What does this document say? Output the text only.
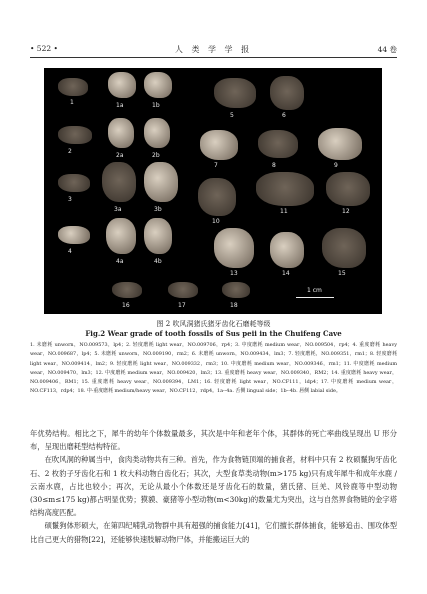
• 522 •	人 类 学 学 报	44 卷
1 cm
1	1a	1b
2
2a	2b
3
3a	3b
4
4a	4b
5	6
7	8	9
10
11	12
13	14	15
16	17	18
图 2 吹风洞猪氏猪牙齿化石磨耗等级
Fig.2 Wear grade of tooth fossils of Sus peii in the Chuifeng Cave
1. 未磨耗 unworn，NO.009573，lp4；2. 轻度磨耗 light wear，NO.009706，rp4；3. 中度磨耗 medium wear，NO.009504，rp4；4. 重度磨耗 heavy wear，NO.009687，lp4；5. 未磨耗 unworn，NO.009190，rm2；6. 未磨耗 unworn，NO.009434，lm3；7. 轻度磨耗，NO.009351，rm1；8. 轻度磨耗 light wear，NO.009414，lm2；9. 轻度磨耗 light wear，NO.009332，rm3；10. 中度磨耗 medium wear，NO.009346，rm1；11. 中度磨耗 medium wear，NO.009470，lm3；12. 中度磨耗 medium wear，NO.009420，lm3；13. 重度磨耗 heavy wear，NO.009340，RM2；14. 重度磨耗 heavy wear，NO.009406，RM1；15. 重度磨耗 heavy wear，NO.009394，LM1；16. 轻度磨耗 light wear，NO.CF111，ldp4；17. 中度磨耗 medium wear，NO.CF113，rdp4；18. 中-重度磨耗 medium/heavy wear，NO.CF112，rdp4。1a--4a. 舌侧 lingual side；1b--4b. 唇侧 labial side。

年优势结构。相比之下，犀牛的幼年个体数量最多，其次是中年和老年个体，其群体的死亡率曲线呈现出 U 形分布，呈现出磨耗型结构特征。

在吹风洞的种属当中，食肉类动物共有三种。首先，作为食物链顶端的捕食者，材料中只有 2 枚硕鬣狗牙齿化石、2 枚豹子牙齿化石和 1 枚大科动物白齿化石；其次，大型食草类动物(m>175 kg)只有成年犀牛和成年水鹿 / 云南水鹿，占比也较小；再次，无论从最小个体数还是牙齿化石的数量，猪氏猪、巨羌、风铃鹿等中型动物(30≤m≤175 kg)都占明显优势；獏貘、豪猪等小型动物(m<30kg)的数量尤为突出，这与自然界食物链的金字塔结构高度匹配。

硕鬣狗体形硕大，在第四纪哺乳动物群中具有超强的捕食能力[41]，它们擅长群体捕食，能够追击、围攻体型比自己更大的猎物[22]，还能够快速肢解动物尸体，并能搬运巨大的
